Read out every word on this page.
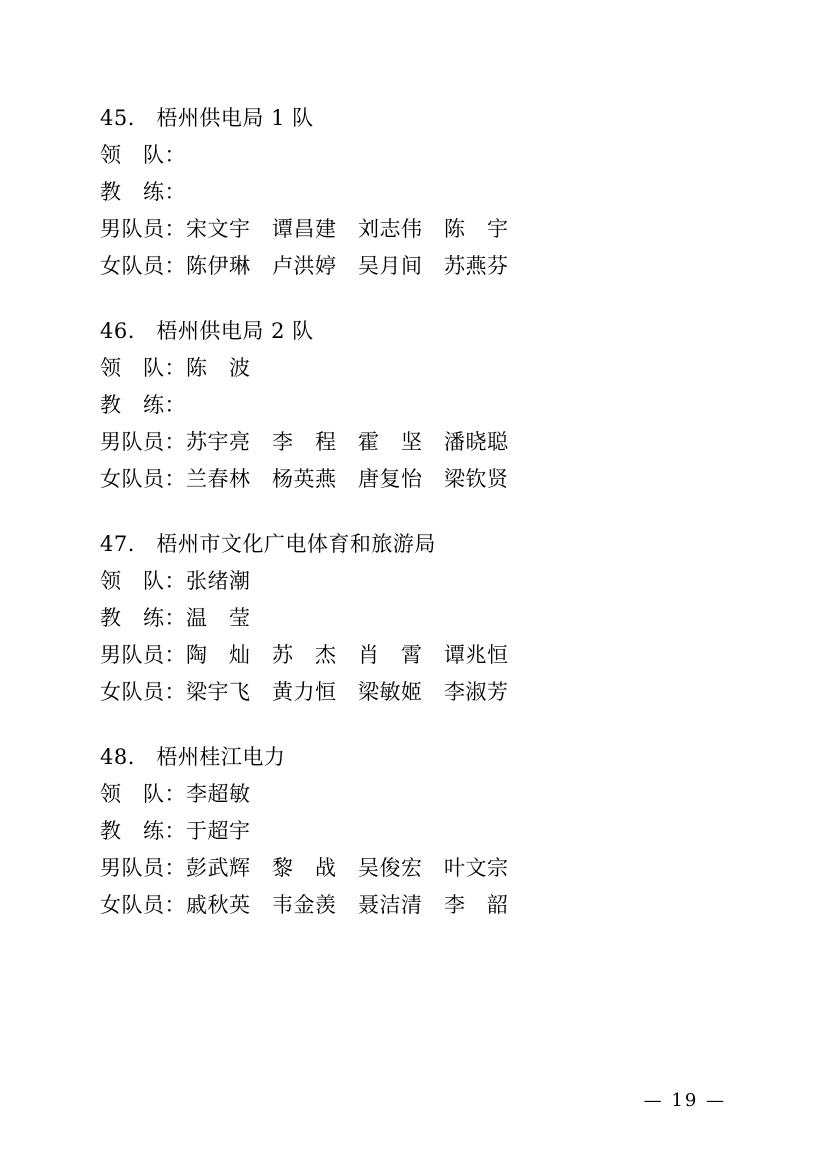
45.　 梧州供电局 1 队
领　队：
教　练：
男队员：宋文宇　谭昌建　刘志伟　陈　宇
女队员：陈伊琳　卢洪婷　吴月间　苏燕芬
46.　 梧州供电局 2 队
领　队：陈　波
教　练：
男队员：苏宇亮　李　程　霍　坚　潘晓聪
女队员：兰春林　杨英燕　唐复怡　梁钦贤
47.　 梧州市文化广电体育和旅游局
领　队：张绪潮
教　练：温　莹
男队员：陶　灿　苏　杰　肖　霄　谭兆恒
女队员：梁宇飞　黄力恒　梁敏姬　李淑芳
48.　 梧州桂江电力
领　队：李超敏
教　练：于超宇
男队员：彭武辉　黎　战　吴俊宏　叶文宗
女队员：戚秋英　韦金羡　聂洁清　李　韶
— 19 —
